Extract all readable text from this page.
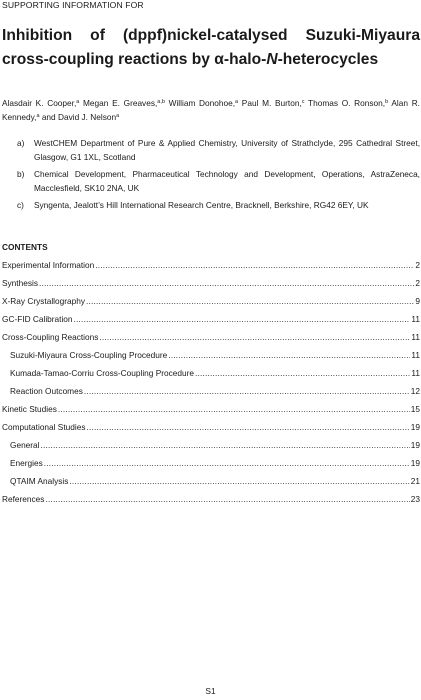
SUPPORTING INFORMATION FOR
Inhibition of (dppf)nickel-catalysed Suzuki-Miyaura cross-coupling reactions by α-halo-N-heterocycles
Alasdair K. Cooper,$^a$ Megan E. Greaves,$^{a,b}$ William Donohoe,$^a$ Paul M. Burton,$^c$ Thomas O. Ronson,$^b$ Alan R. Kennedy,$^a$ and David J. Nelson$^a$
a)	WestCHEM Department of Pure & Applied Chemistry, University of Strathclyde, 295 Cathedral Street, Glasgow, G1 1XL, Scotland
b)	Chemical Development, Pharmaceutical Technology and Development, Operations, AstraZeneca, Macclesfield, SK10 2NA, UK
c)	Syngenta, Jealott’s Hill International Research Centre, Bracknell, Berkshire, RG42 6EY, UK
CONTENTS
Experimental Information .....	2
Synthesis .....	2
X-Ray Crystallography .....	9
GC-FID Calibration .....	11
Cross-Coupling Reactions .....	11
Suzuki-Miyaura Cross-Coupling Procedure .....	11
Kumada-Tamao-Corriu Cross-Coupling Procedure .....	11
Reaction Outcomes .....	12
Kinetic Studies .....	15
Computational Studies .....	19
General .....	19
Energies .....	19
QTAIM Analysis .....	21
References .....	23
S1
